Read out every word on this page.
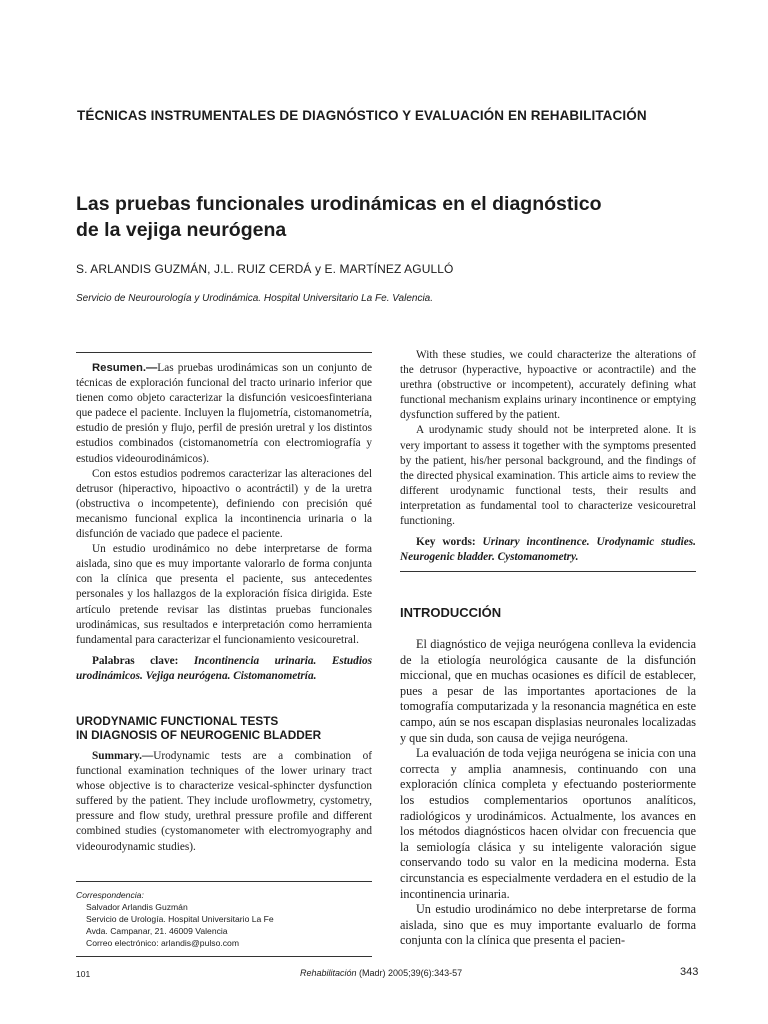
TÉCNICAS INSTRUMENTALES DE DIAGNÓSTICO Y EVALUACIÓN EN REHABILITACIÓN
Las pruebas funcionales urodinámicas en el diagnóstico
de la vejiga neurógena
S. ARLANDIS GUZMÁN, J.L. RUIZ CERDÁ y E. MARTÍNEZ AGULLÓ
Servicio de Neurourología y Urodinámica. Hospital Universitario La Fe. Valencia.

Resumen.—Las pruebas urodinámicas son un conjunto de técnicas de exploración funcional del tracto urinario inferior que tienen como objeto caracterizar la disfunción vesicoesfinteriana que padece el paciente. Incluyen la flujometría, cistomanometría, estudio de presión y flujo, perfil de presión uretral y los distintos estudios combinados (cistomanometría con electromiografía y estudios videourodinámicos).

Con estos estudios podremos caracterizar las alteraciones del detrusor (hiperactivo, hipoactivo o acontráctil) y de la uretra (obstructiva o incompetente), definiendo con precisión qué mecanismo funcional explica la incontinencia urinaria o la disfunción de vaciado que padece el paciente.

Un estudio urodinámico no debe interpretarse de forma aislada, sino que es muy importante valorarlo de forma conjunta con la clínica que presenta el paciente, sus antecedentes personales y los hallazgos de la exploración física dirigida. Este artículo pretende revisar las distintas pruebas funcionales urodinámicas, sus resultados e interpretación como herramienta fundamental para caracterizar el funcionamiento vesicouretral.

Palabras clave: Incontinencia urinaria. Estudios urodinámicos. Vejiga neurógena. Cistomanometría.

URODYNAMIC FUNCTIONAL TESTS
IN DIAGNOSIS OF NEUROGENIC BLADDER

Summary.—Urodynamic tests are a combination of functional examination techniques of the lower urinary tract whose objective is to characterize vesical-sphincter dysfunction suffered by the patient. They include uroflowmetry, cystometry, pressure and flow study, urethral pressure profile and different combined studies (cystomanometer with electromyography and videourodynamic studies).

With these studies, we could characterize the alterations of the detrusor (hyperactive, hypoactive or acontractile) and the urethra (obstructive or incompetent), accurately defining what functional mechanism explains urinary incontinence or emptying dysfunction suffered by the patient.

A urodynamic study should not be interpreted alone. It is very important to assess it together with the symptoms presented by the patient, his/her personal background, and the findings of the directed physical examination. This article aims to review the different urodynamic functional tests, their results and interpretation as fundamental tool to characterize vesicouretral functioning.

Key words: Urinary incontinence. Urodynamic studies. Neurogenic bladder. Cystomanometry.

INTRODUCCIÓN

El diagnóstico de vejiga neurógena conlleva la evidencia de la etiología neurológica causante de la disfunción miccional, que en muchas ocasiones es difícil de establecer, pues a pesar de las importantes aportaciones de la tomografía computarizada y la resonancia magnética en este campo, aún se nos escapan displasias neuronales localizadas y que sin duda, son causa de vejiga neurógena.

La evaluación de toda vejiga neurógena se inicia con una correcta y amplia anamnesis, continuando con una exploración clínica completa y efectuando posteriormente los estudios complementarios oportunos analíticos, radiológicos y urodinámicos. Actualmente, los avances en los métodos diagnósticos hacen olvidar con frecuencia que la semiología clásica y su inteligente valoración sigue conservando todo su valor en la medicina moderna. Esta circunstancia es especialmente verdadera en el estudio de la incontinencia urinaria.

Un estudio urodinámico no debe interpretarse de forma aislada, sino que es muy importante evaluarlo de forma conjunta con la clínica que presenta el pacien-

Correspondencia:
Salvador Arlandis Guzmán
Servicio de Urología. Hospital Universitario La Fe
Avda. Campanar, 21. 46009 Valencia
Correo electrónico: arlandis@pulso.com
101	Rehabilitación (Madr) 2005;39(6):343-57	343
